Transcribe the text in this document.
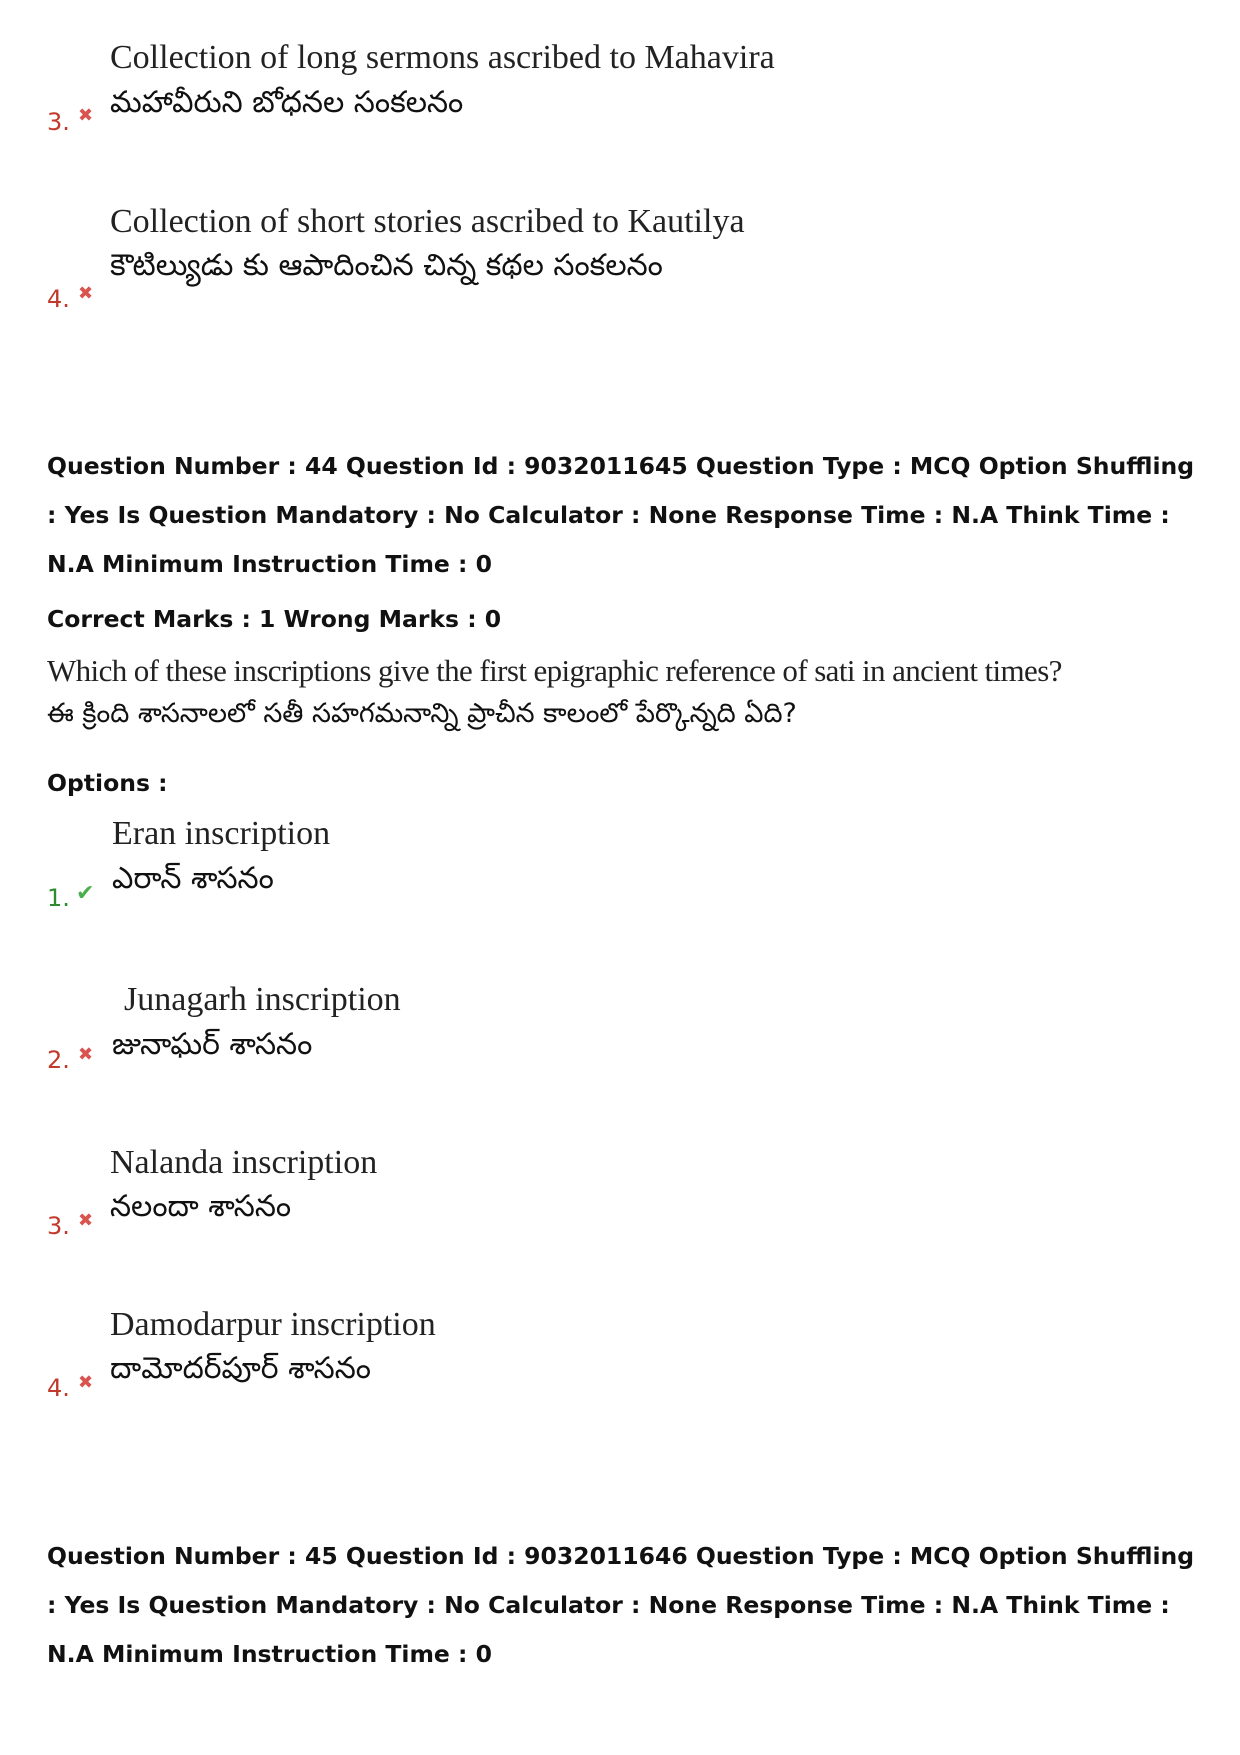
Collection of long sermons ascribed to Mahavira
మహావీరుని బోధనల సంకలనం
3. ✖
Collection of short stories ascribed to Kautilya
కౌటిల్యుడు కు ఆపాదించిన చిన్న కథల సంకలనం
4. ✖
Question Number : 44 Question Id : 9032011645 Question Type : MCQ Option Shuffling : Yes Is Question Mandatory : No Calculator : None Response Time : N.A Think Time : N.A Minimum Instruction Time : 0
Correct Marks : 1 Wrong Marks : 0
Which of these inscriptions give the first epigraphic reference of sati in ancient times?
ఈ క్రింది శాసనాలలో సతీ సహగమనాన్ని ప్రాచీన కాలంలో పేర్కొన్నది ఏది?
Options :
Eran inscription
ఎరాన్ శాసనం
1. ✔
Junagarh inscription
జునాఘర్ శాసనం
2. ✖
Nalanda inscription
నలందా శాసనం
3. ✖
Damodarpur inscription
దామోదర్‌పూర్ శాసనం
4. ✖
Question Number : 45 Question Id : 9032011646 Question Type : MCQ Option Shuffling : Yes Is Question Mandatory : No Calculator : None Response Time : N.A Think Time : N.A Minimum Instruction Time : 0
